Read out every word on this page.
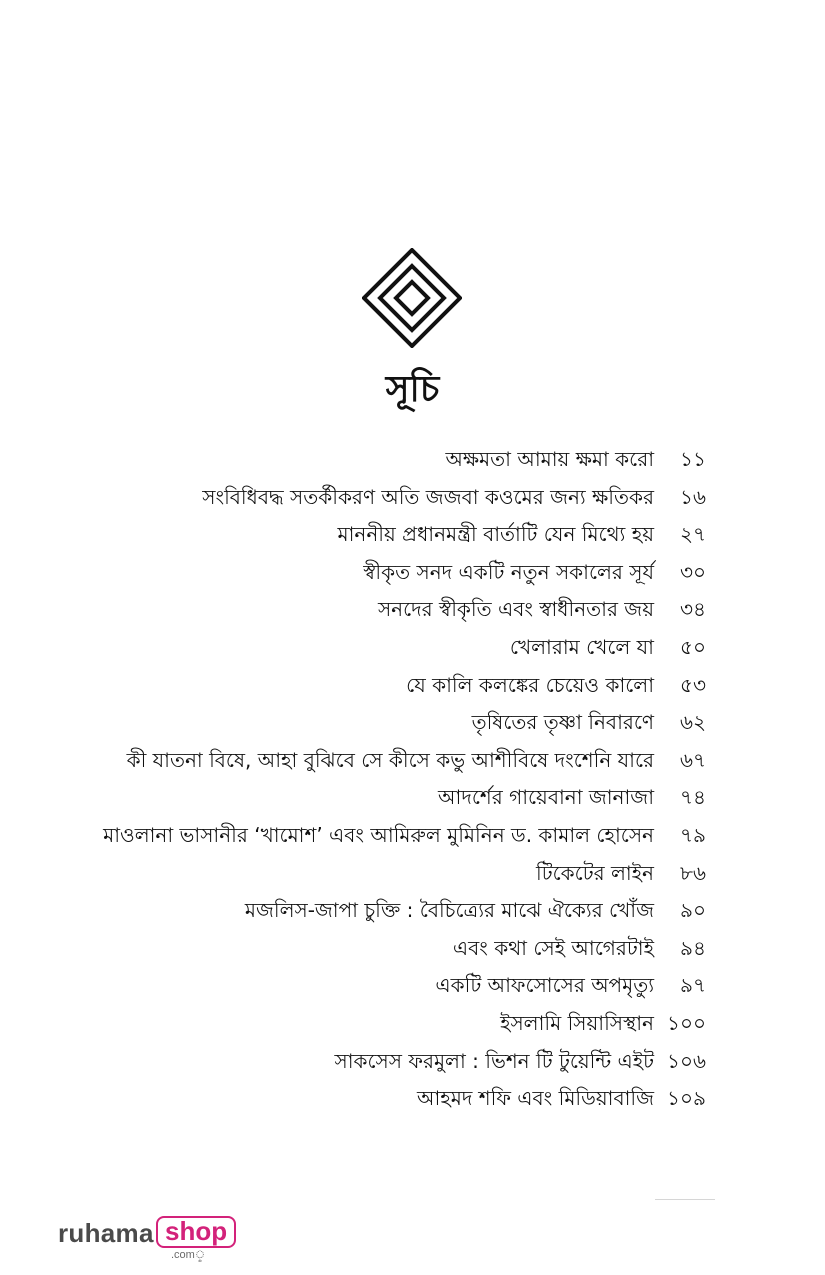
সূচি
অক্ষমতা আমায় ক্ষমা করো	১১
সংবিধিবদ্ধ সতর্কীকরণ অতি জজবা কওমের জন্য ক্ষতিকর	১৬
মাননীয় প্রধানমন্ত্রী বার্তাটি যেন মিথ্যে হয়	২৭
স্বীকৃত সনদ একটি নতুন সকালের সূর্য	৩০
সনদের স্বীকৃতি এবং স্বাধীনতার জয়	৩৪
খেলারাম খেলে যা	৫০
যে কালি কলঙ্কের চেয়েও কালো	৫৩
তৃষিতের তৃষ্ণা নিবারণে	৬২
কী যাতনা বিষে, আহা বুঝিবে সে কীসে কভু আশীবিষে দংশেনি যারে	৬৭
আদর্শের গায়েবানা জানাজা	৭৪
মাওলানা ভাসানীর ‘খামোশ’ এবং আমিরুল মুমিনিন ড. কামাল হোসেন	৭৯
টিকেটের লাইন	৮৬
মজলিস-জাপা চুক্তি : বৈচিত্র্যের মাঝে ঐক্যের খোঁজ	৯০
এবং কথা সেই আগেরটাই	৯৪
একটি আফসোসের অপমৃত্যু	৯৭
ইসলামি সিয়াসিস্থান ১০০
সাকসেস ফরমুলা : ভিশন টি টুয়েন্টি এইট ১০৬
আহমদ শফি এবং মিডিয়াবাজি ১০৯
ruhama shop
.comৢ
